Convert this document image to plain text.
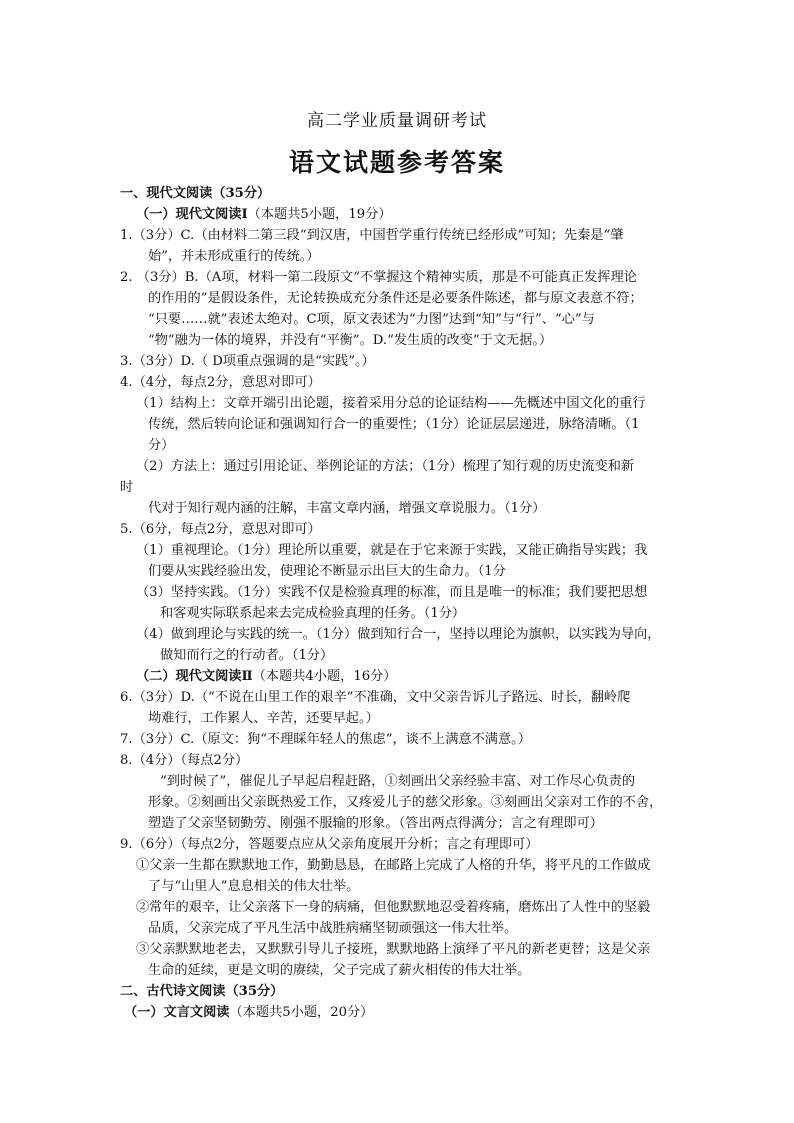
高二学业质量调研考试
语文试题参考答案
一、现代文阅读（35分）
（一）现代文阅读Ⅰ（本题共5小题，19分）
1.（3分）C.（由材料二第三段“到汉唐，中国哲学重行传统已经形成”可知；先秦是“肇
始”，并未形成重行的传统。）
2. （3分）B.（A项，材料一第二段原文“不掌握这个精神实质，那是不可能真正发挥理论
的作用的”是假设条件，无论转换成充分条件还是必要条件陈述，都与原文表意不符；
“只要……就”表述太绝对。C项，原文表述为“力图”达到“知”与“行”、“心”与
“物”融为一体的境界，并没有“平衡”。D.“发生质的改变”于文无据。）
3.（3分）D.（ D项重点强调的是“实践”。）
4.（4分，每点2分，意思对即可）
（1）结构上：文章开端引出论题，接着采用分总的论证结构——先概述中国文化的重行
传统，然后转向论证和强调知行合一的重要性；（1分）论证层层递进，脉络清晰。（1
分）
（2）方法上：通过引用论证、举例论证的方法；（1分）梳理了知行观的历史流变和新
时
代对于知行观内涵的注解，丰富文章内涵，增强文章说服力。（1分）
5.（6分，每点2分，意思对即可）
（1）重视理论。（1分）理论所以重要，就是在于它来源于实践，又能正确指导实践；我
们要从实践经验出发，使理论不断显示出巨大的生命力。（1分
（3）坚持实践。（1分）实践不仅是检验真理的标准，而且是唯一的标准；我们要把思想
和客观实际联系起来去完成检验真理的任务。（1分）
（4）做到理论与实践的统一。（1分）做到知行合一，坚持以理论为旗帜，以实践为导向，
做知而行之的行动者。（1分）
（二）现代文阅读Ⅱ（本题共4小题，16分）
6.（3分）D.（“不说在山里工作的艰辛”不准确，文中父亲告诉儿子路远、时长，翻岭爬
坳难行，工作累人、辛苦，还要早起。）
7.（3分）C.（原文：狗“不理睬年轻人的焦虑”，谈不上满意不满意。）
8.（4分）（每点2分）
“到时候了”，催促儿子早起启程赶路，①刻画出父亲经验丰富、对工作尽心负责的
形象。②刻画出父亲既热爱工作，又疼爱儿子的慈父形象。③刻画出父亲对工作的不舍，
塑造了父亲坚韧勤劳、刚强不服输的形象。（答出两点得满分；言之有理即可）
9.（6分）（每点2分，答题要点应从父亲角度展开分析；言之有理即可）
①父亲一生都在默默地工作，勤勤恳恳，在邮路上完成了人格的升华，将平凡的工作做成
了与“山里人”息息相关的伟大壮举。
②常年的艰辛，让父亲落下一身的病痛，但他默默地忍受着疼痛，磨炼出了人性中的坚毅
品质，父亲完成了平凡生活中战胜病痛坚韧顽强这一伟大壮举。
③父亲默默地老去，又默默引导儿子接班，默默地路上演绎了平凡的新老更替；这是父亲
生命的延续，更是文明的赓续，父子完成了薪火相传的伟大壮举。
二、古代诗文阅读（35分）
（一）文言文阅读（本题共5小题，20分）
